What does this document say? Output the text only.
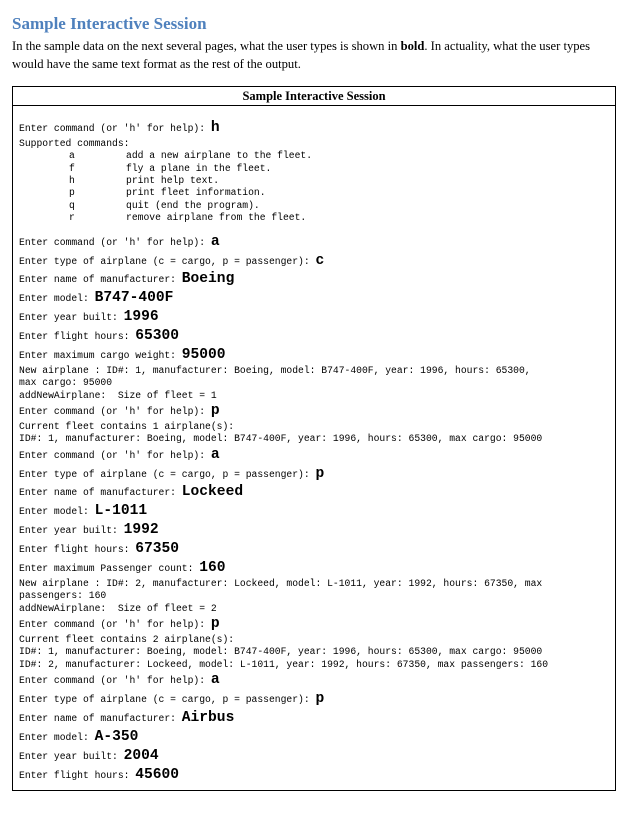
Sample Interactive Session
In the sample data on the next several pages, what the user types is shown in bold. In actuality, what the user types would have the same text format as the rest of the output.
Sample Interactive Session
Enter command (or 'h' for help): h
Supported commands:
a	add a new airplane to the fleet.
f	fly a plane in the fleet.
h	print help text.
p	print fleet information.
q	quit (end the program).
r	remove airplane from the fleet.
Enter command (or 'h' for help): a
Enter type of airplane (c = cargo, p = passenger): c
Enter name of manufacturer: Boeing
Enter model: B747-400F
Enter year built: 1996
Enter flight hours: 65300
Enter maximum cargo weight: 95000
New airplane : ID#: 1, manufacturer: Boeing, model: B747-400F, year: 1996, hours: 65300,
max cargo: 95000
addNewAirplane:  Size of fleet = 1
Enter command (or 'h' for help): p
Current fleet contains 1 airplane(s):
ID#: 1, manufacturer: Boeing, model: B747-400F, year: 1996, hours: 65300, max cargo: 95000
Enter command (or 'h' for help): a
Enter type of airplane (c = cargo, p = passenger): p
Enter name of manufacturer: Lockeed
Enter model: L-1011
Enter year built: 1992
Enter flight hours: 67350
Enter maximum Passenger count: 160
New airplane : ID#: 2, manufacturer: Lockeed, model: L-1011, year: 1992, hours: 67350, max
passengers: 160
addNewAirplane:  Size of fleet = 2
Enter command (or 'h' for help): p
Current fleet contains 2 airplane(s):
ID#: 1, manufacturer: Boeing, model: B747-400F, year: 1996, hours: 65300, max cargo: 95000
ID#: 2, manufacturer: Lockeed, model: L-1011, year: 1992, hours: 67350, max passengers: 160
Enter command (or 'h' for help): a
Enter type of airplane (c = cargo, p = passenger): p
Enter name of manufacturer: Airbus
Enter model: A-350
Enter year built: 2004
Enter flight hours: 45600
